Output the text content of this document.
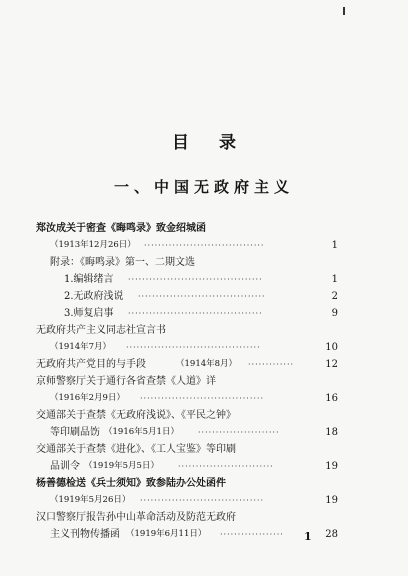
目录
一、中国无政府主义
郑汝成关于密查《晦鸣录》致金绍城函
（1913年12月26日） ··································	1
附录：《晦鸣录》第一、二期文选
1.编辑绪言 ······································	1
2.无政府浅说 ····································	2
3.师复启事 ······································	9
无政府共产主义同志社宣言书
（1914年7月） ······································	10
无政府共产党目的与手段	（1914年8月） ·············	12
京师警察厅关于通行各省查禁《人道》详
（1916年2月9日） ···································	16
交通部关于查禁《无政府浅说》、《平民之钟》
等印刷品饬 （1916年5月1日） ·······················	18
交通部关于查禁《进化》、《工人宝鉴》等印刷
品训令 （1919年5月5日） ···························	19
杨善德检送《兵士须知》致参陆办公处函件
（1919年5月26日） ···································	19
汉口警察厅报告孙中山革命活动及防范无政府
主义刊物传播函 （1919年6月11日） ··················	28
1
